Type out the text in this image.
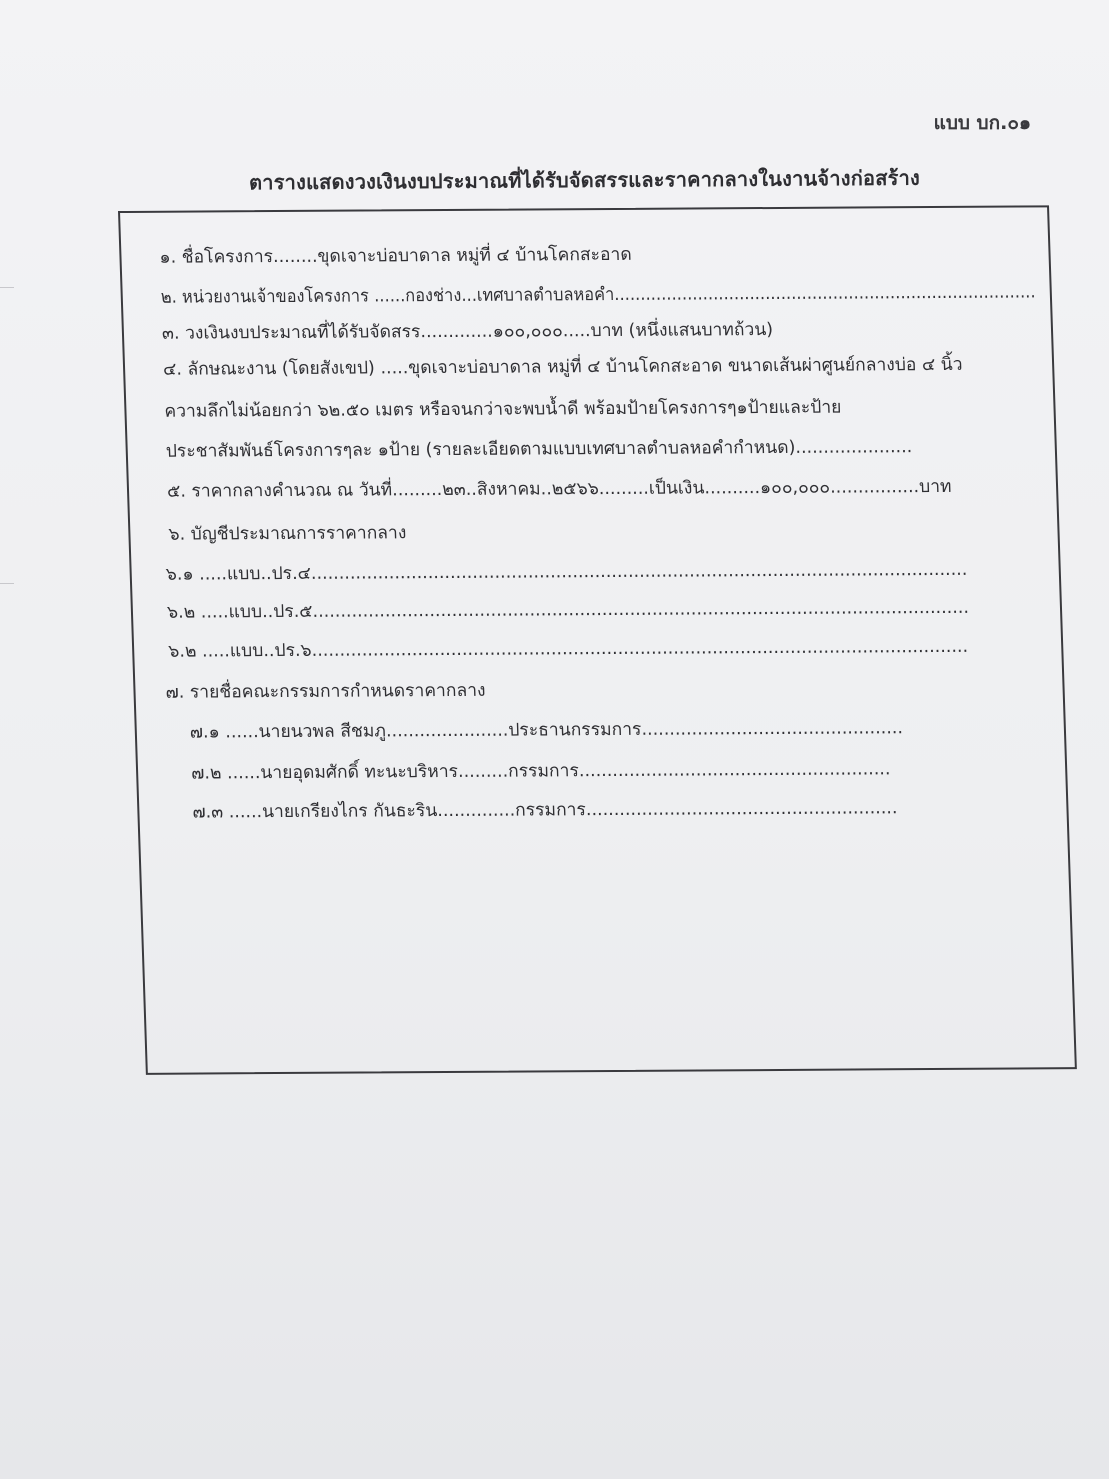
แบบ บก.๐๑
ตารางแสดงวงเงินงบประมาณที่ได้รับจัดสรรและราคากลางในงานจ้างก่อสร้าง
๑. ชื่อโครงการ........ขุดเจาะบ่อบาดาล หมู่ที่ ๔ บ้านโคกสะอาด
๒. หน่วยงานเจ้าของโครงการ ......กองช่าง...เทศบาลตำบลหอคำ.................................................................................
๓. วงเงินงบประมาณที่ได้รับจัดสรร.............๑๐๐,๐๐๐.....บาท (หนึ่งแสนบาทถ้วน)
๔. ลักษณะงาน (โดยสังเขป) .....ขุดเจาะบ่อบาดาล หมู่ที่ ๔ บ้านโคกสะอาด ขนาดเส้นผ่าศูนย์กลางบ่อ ๔ นิ้ว
ความลึกไม่น้อยกว่า ๖๒.๕๐ เมตร หรือจนกว่าจะพบน้ำดี พร้อมป้ายโครงการๆ๑ป้ายและป้าย
ประชาสัมพันธ์โครงการๆละ ๑ป้าย (รายละเอียดตามแบบเทศบาลตำบลหอคำกำหนด).....................
๕. ราคากลางคำนวณ ณ วันที่.........๒๓..สิงหาคม..๒๕๖๖.........เป็นเงิน..........๑๐๐,๐๐๐................บาท
๖. บัญชีประมาณการราคากลาง
๖.๑ .....แบบ..ปร.๔......................................................................................................................
๖.๒ .....แบบ..ปร.๕......................................................................................................................
๖.๒ .....แบบ..ปร.๖......................................................................................................................
๗. รายชื่อคณะกรรมการกำหนดราคากลาง
๗.๑ ......นายนวพล สีชมภู......................ประธานกรรมการ...............................................
๗.๒ ......นายอุดมศักดิ์ ทะนะบริหาร.........กรรมการ........................................................
๗.๓ ......นายเกรียงไกร กันธะริน..............กรรมการ........................................................
